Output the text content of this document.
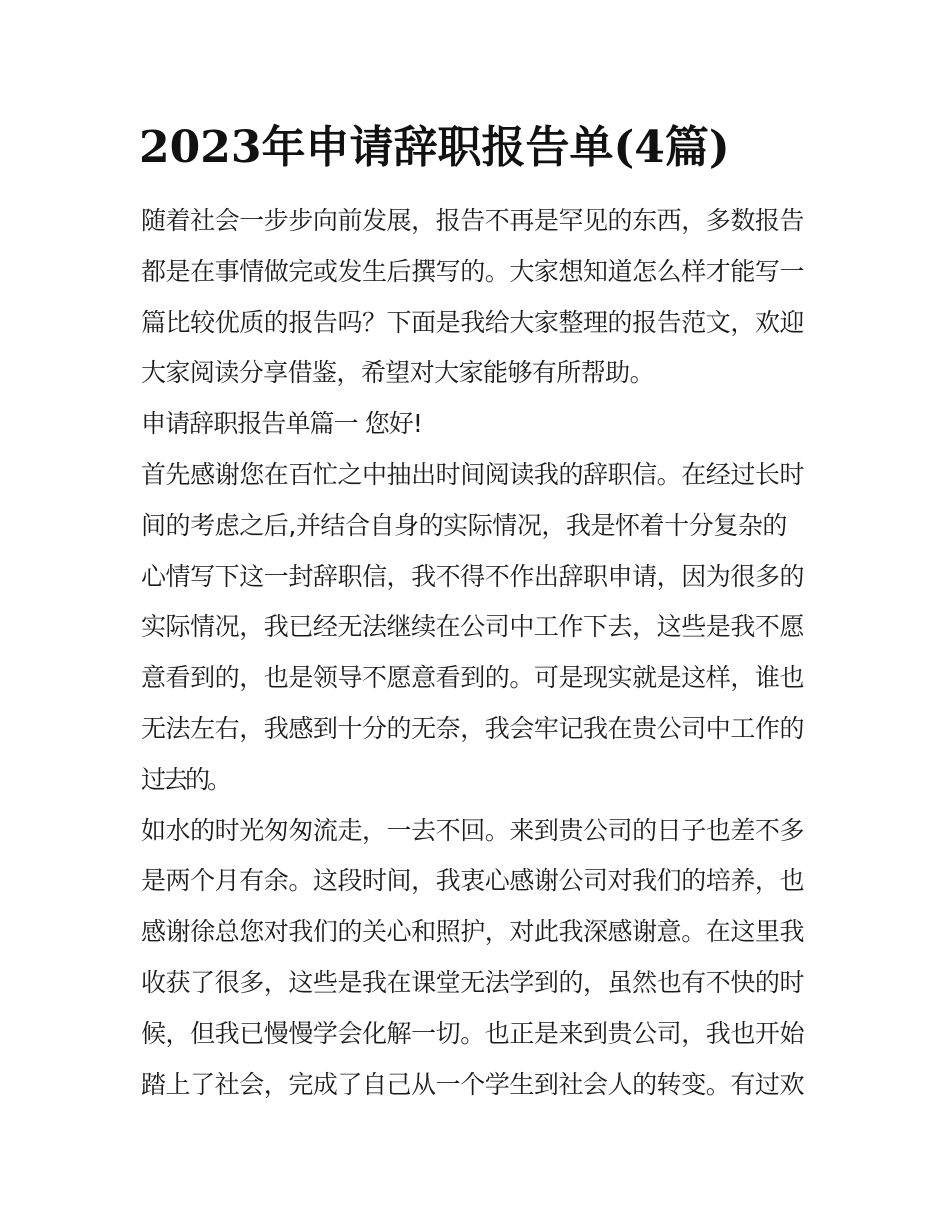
2023年申请辞职报告单(4篇)
随着社会一步步向前发展，报告不再是罕见的东西，多数报告
都是在事情做完或发生后撰写的。大家想知道怎么样才能写一
篇比较优质的报告吗？下面是我给大家整理的报告范文，欢迎
大家阅读分享借鉴，希望对大家能够有所帮助。
申请辞职报告单篇一 您好!
首先感谢您在百忙之中抽出时间阅读我的辞职信。在经过长时
间的考虑之后,并结合自身的实际情况，我是怀着十分复杂的
心情写下这一封辞职信，我不得不作出辞职申请，因为很多的
实际情况，我已经无法继续在公司中工作下去，这些是我不愿
意看到的，也是领导不愿意看到的。可是现实就是这样，谁也
无法左右，我感到十分的无奈，我会牢记我在贵公司中工作的
过去的。
如水的时光匆匆流走，一去不回。来到贵公司的日子也差不多
是两个月有余。这段时间，我衷心感谢公司对我们的培养，也
感谢徐总您对我们的关心和照护，对此我深感谢意。在这里我
收获了很多，这些是我在课堂无法学到的，虽然也有不快的时
候，但我已慢慢学会化解一切。也正是来到贵公司，我也开始
踏上了社会，完成了自己从一个学生到社会人的转变。有过欢
